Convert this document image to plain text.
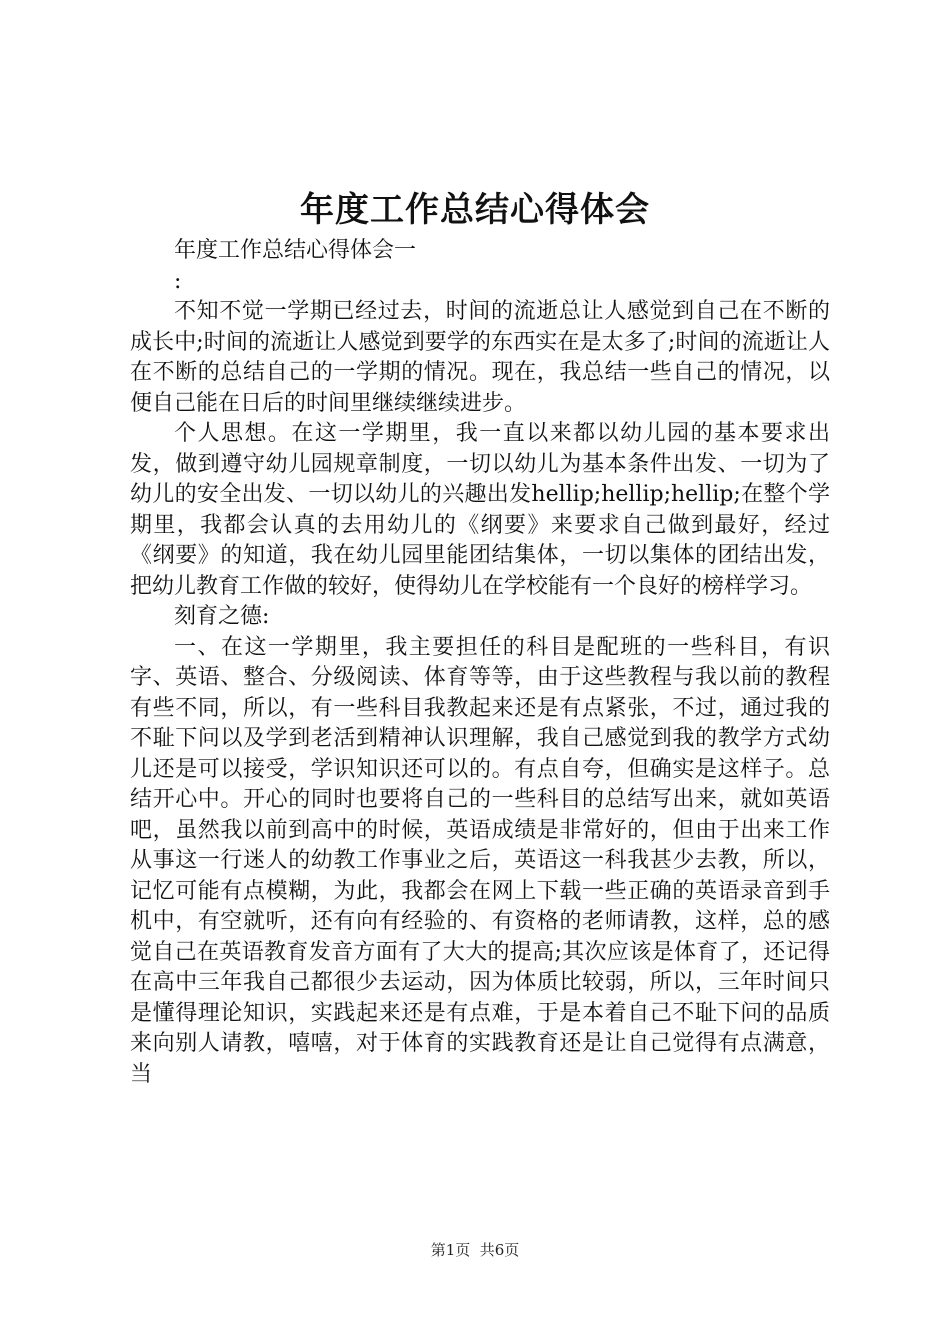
年度工作总结心得体会

年度工作总结心得体会一

:

不知不觉一学期已经过去，时间的流逝总让人感觉到自己在不断的成长中;时间的流逝让人感觉到要学的东西实在是太多了;时间的流逝让人在不断的总结自己的一学期的情况。现在，我总结一些自己的情况，以便自己能在日后的时间里继续继续进步。

个人思想。在这一学期里，我一直以来都以幼儿园的基本要求出发，做到遵守幼儿园规章制度，一切以幼儿为基本条件出发、一切为了幼儿的安全出发、一切以幼儿的兴趣出发hellip;hellip;hellip;在整个学期里，我都会认真的去用幼儿的《纲要》来要求自己做到最好，经过《纲要》的知道，我在幼儿园里能团结集体，一切以集体的团结出发，把幼儿教育工作做的较好，使得幼儿在学校能有一个良好的榜样学习。

刻育之德:

一、在这一学期里，我主要担任的科目是配班的一些科目，有识字、英语、整合、分级阅读、体育等等，由于这些教程与我以前的教程有些不同，所以，有一些科目我教起来还是有点紧张，不过，通过我的不耻下问以及学到老活到精神认识理解，我自己感觉到我的教学方式幼儿还是可以接受，学识知识还可以的。有点自夸，但确实是这样子。总结开心中。开心的同时也要将自己的一些科目的总结写出来，就如英语吧，虽然我以前到高中的时候，英语成绩是非常好的，但由于出来工作从事这一行迷人的幼教工作事业之后，英语这一科我甚少去教，所以，记忆可能有点模糊，为此，我都会在网上下载一些正确的英语录音到手机中，有空就听，还有向有经验的、有资格的老师请教，这样，总的感觉自己在英语教育发音方面有了大大的提高;其次应该是体育了，还记得在高中三年我自己都很少去运动，因为体质比较弱，所以，三年时间只是懂得理论知识，实践起来还是有点难，于是本着自己不耻下问的品质来向别人请教，嘻嘻，对于体育的实践教育还是让自己觉得有点满意，当

第1页  共6页
